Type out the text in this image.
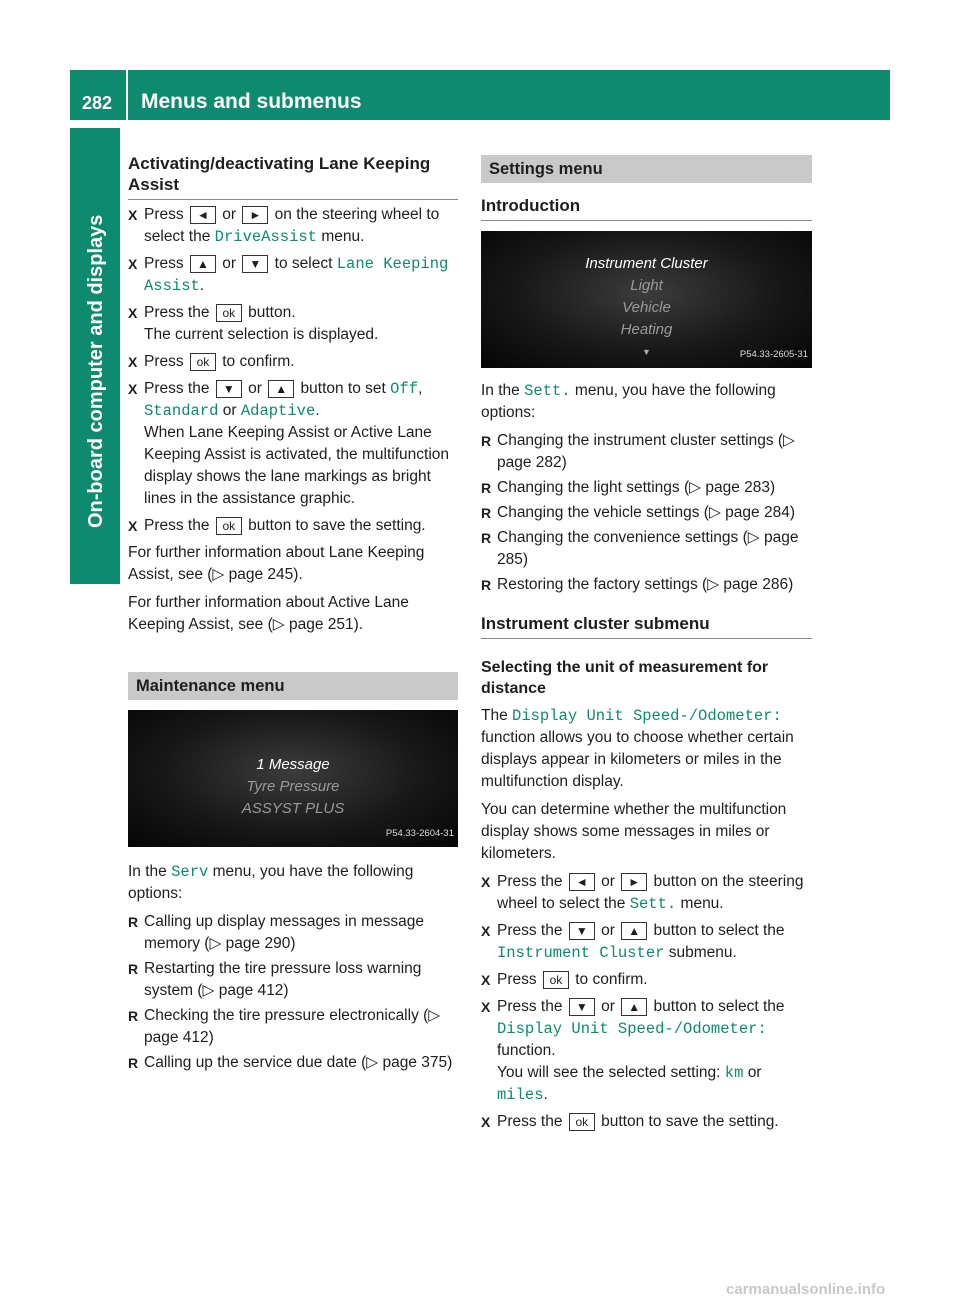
282 Menus and submenus
On-board computer and displays
Activating/deactivating Lane Keeping Assist
X Press ◄ or ► on the steering wheel to select the DriveAssist menu.
X Press ▲ or ▼ to select Lane Keeping Assist.
X Press the ok button.
The current selection is displayed.
X Press ok to confirm.
X Press the ▼ or ▲ button to set Off, Standard or Adaptive.
When Lane Keeping Assist or Active Lane Keeping Assist is activated, the multifunction display shows the lane markings as bright lines in the assistance graphic.
X Press the ok button to save the setting.

For further information about Lane Keeping Assist, see (▷ page 245).

For further information about Active Lane Keeping Assist, see (▷ page 251).

Maintenance menu
1 Message
Tyre Pressure
ASSYST PLUS
P54.33-2604-31

In the Serv menu, you have the following options:

R Calling up display messages in message memory (▷ page 290)
R Restarting the tire pressure loss warning system (▷ page 412)
R Checking the tire pressure electronically (▷ page 412)
R Calling up the service due date (▷ page 375)
Settings menu
Introduction
Instrument Cluster
Light
Vehicle
Heating
▼	P54.33-2605-31

In the Sett. menu, you have the following options:

R Changing the instrument cluster settings (▷ page 282)
R Changing the light settings (▷ page 283)
R Changing the vehicle settings (▷ page 284)
R Changing the convenience settings (▷ page 285)
R Restoring the factory settings (▷ page 286)
Instrument cluster submenu
Selecting the unit of measurement for distance

The Display Unit Speed-/Odometer: function allows you to choose whether certain displays appear in kilometers or miles in the multifunction display.

You can determine whether the multifunction display shows some messages in miles or kilometers.

X Press the ◄ or ► button on the steering wheel to select the Sett. menu.
X Press the ▼ or ▲ button to select the Instrument Cluster submenu.
X Press ok to confirm.
X Press the ▼ or ▲ button to select the Display Unit Speed-/Odometer: function.
You will see the selected setting: km or miles.
X Press the ok button to save the setting.
carmanualsonline.info
